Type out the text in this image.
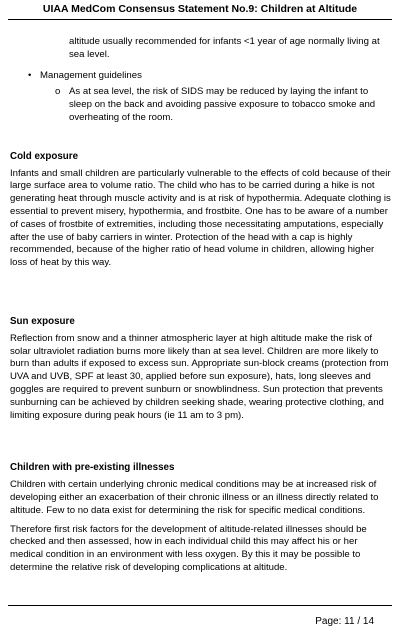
UIAA MedCom Consensus Statement No.9: Children at Altitude

altitude usually recommended for infants <1 year of age normally living at sea level.

• Management guidelines
o As at sea level, the risk of SIDS may be reduced by laying the infant to sleep on the back and avoiding passive exposure to tobacco smoke and overheating of the room.
Cold exposure

Infants and small children are particularly vulnerable to the effects of cold because of their large surface area to volume ratio. The child who has to be carried during a hike is not generating heat through muscle activity and is at risk of hypothermia. Adequate clothing is essential to prevent misery, hypothermia, and frostbite. One has to be aware of a number of cases of frostbite of extremities, including those necessitating amputations, especially after the use of baby carriers in winter. Protection of the head with a cap is highly recommended, because of the higher ratio of head volume in children, allowing higher loss of heat by this way.

Sun exposure

Reflection from snow and a thinner atmospheric layer at high altitude make the risk of solar ultraviolet radiation burns more likely than at sea level. Children are more likely to burn than adults if exposed to excess sun. Appropriate sun-block creams (protection from UVA and UVB, SPF at least 30, applied before sun exposure), hats, long sleeves and goggles are required to prevent sunburn or snowblindness. Sun protection that prevents sunburning can be achieved by children seeking shade, wearing protective clothing, and limiting exposure during peak hours (ie 11 am to 3 pm).

Children with pre-existing illnesses

Children with certain underlying chronic medical conditions may be at increased risk of developing either an exacerbation of their chronic illness or an illness directly related to altitude. Few to no data exist for determining the risk for specific medical conditions.

Therefore first risk factors for the development of altitude-related illnesses should be checked and then assessed, how in each individual child this may affect his or her medical condition in an environment with less oxygen. By this it may be possible to determine the relative risk of developing complications at altitude.

Page: 11 / 14
